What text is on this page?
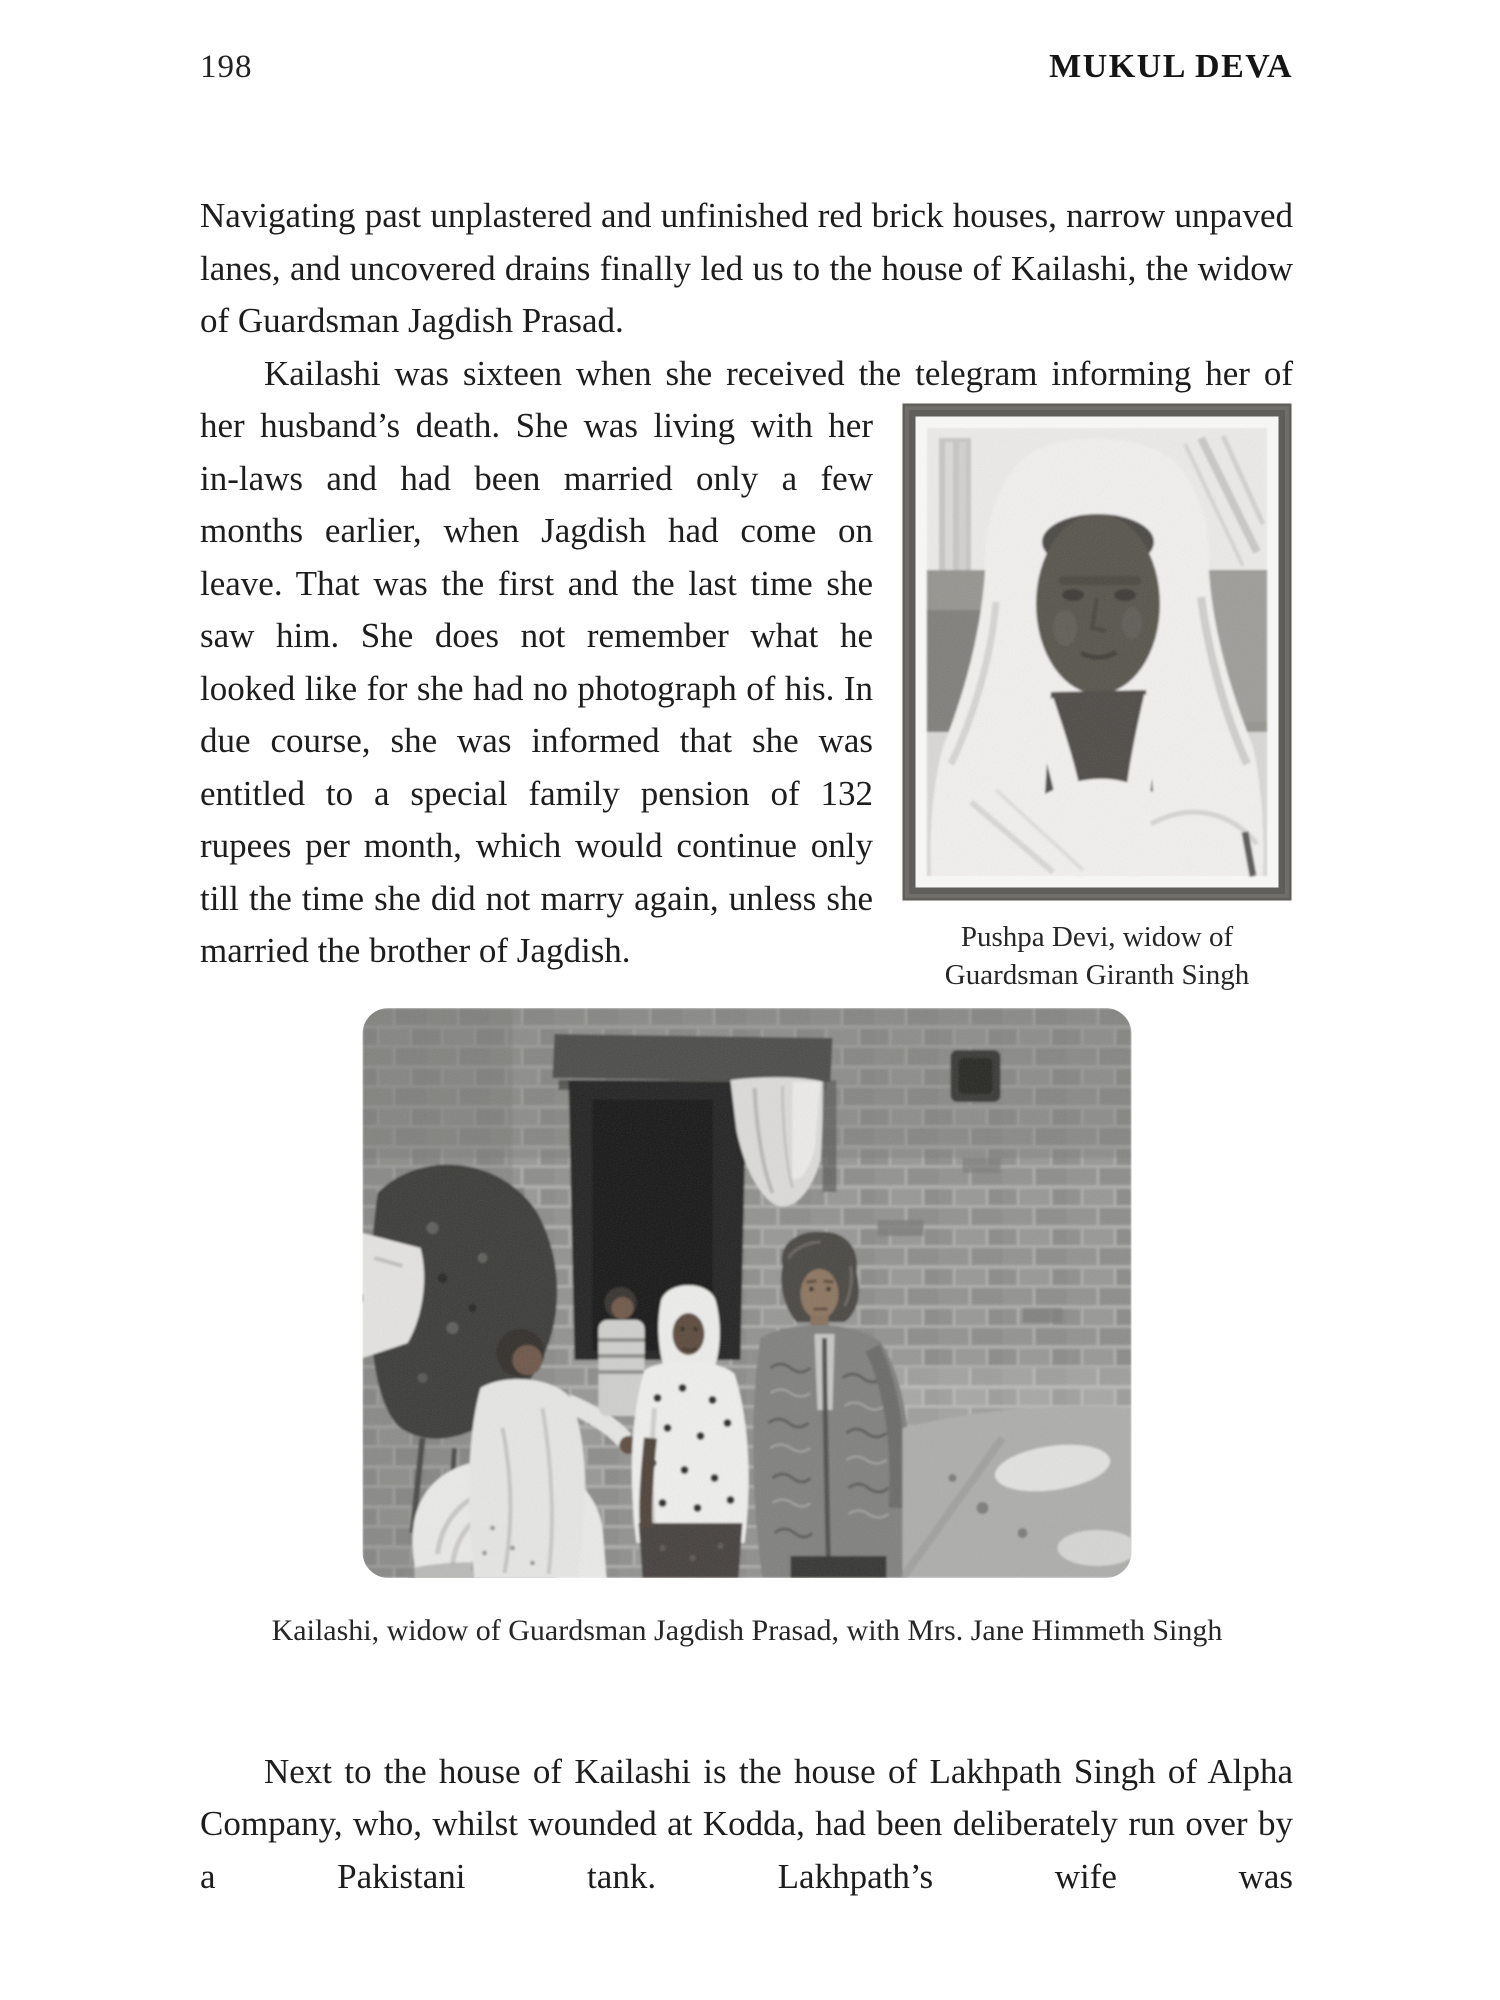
198	MUKUL DEVA

Navigating past unplastered and unfinished red brick houses, narrow unpaved lanes, and uncovered drains finally led us to the house of Kailashi, the widow of Guardsman Jagdish Prasad.

Kailashi was sixteen when she received the telegram informing her of her husband’s death. She was living with her
Pushpa Devi, widow of
Guardsman Giranth Singh
in-laws and had been married only a few months earlier, when Jagdish had come on leave. That was the first and the last time she saw him. She does not remember what he looked like for she had no photograph of his. In due course, she was informed that she was entitled to a special family pension of 132 rupees per month, which would continue only till the time she did not marry again, unless she married the brother of Jagdish.

Kailashi, widow of Guardsman Jagdish Prasad, with Mrs. Jane Himmeth Singh

Next to the house of Kailashi is the house of Lakhpath Singh of Alpha Company, who, whilst wounded at Kodda, had been deliberately run over by a Pakistani tank. Lakhpath’s wife was
